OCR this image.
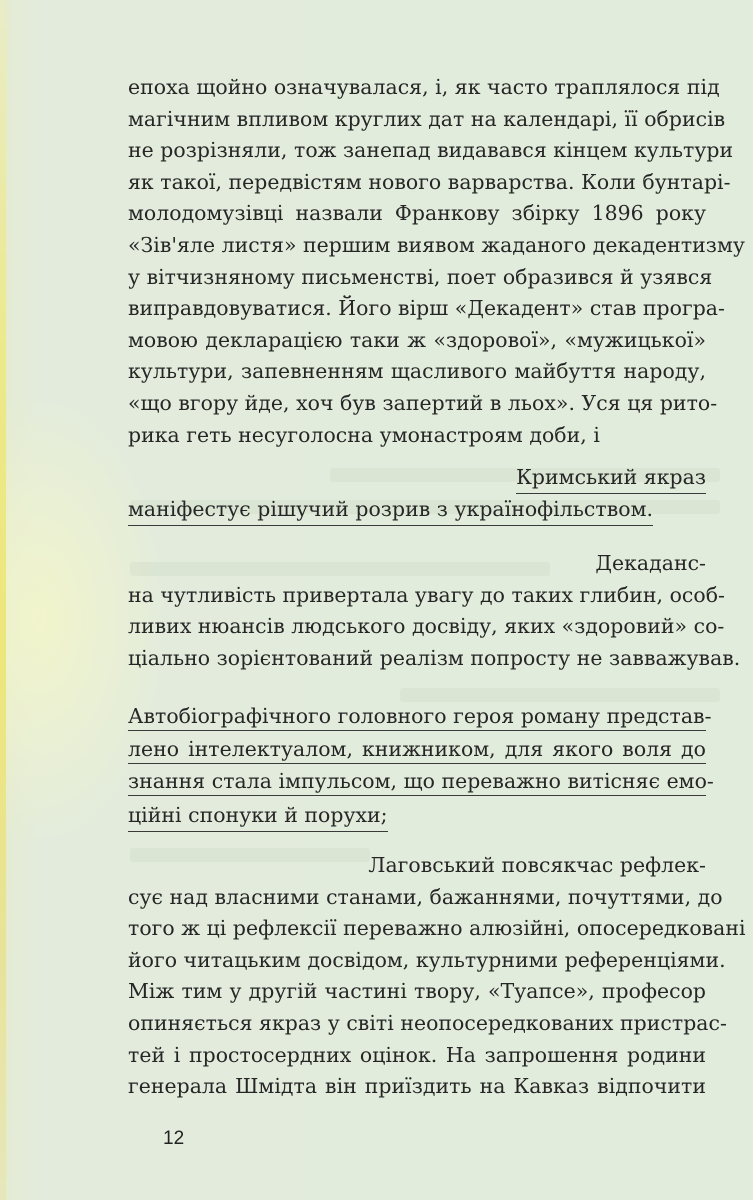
епоха щойно означувалася, і, як часто траплялося під
магічним впливом круглих дат на календарі, її обрисів
не розрізняли, тож занепад видавався кінцем культури
як такої, передвістям нового варварства. Коли бунтарі-
молодомузівці назвали Франкову збірку 1896 року
«Зів'яле листя» першим виявом жаданого декадентизму
у вітчизняному письменстві, поет образився й узявся
виправдовуватися. Його вірш «Декадент» став програ-
мовою декларацією таки ж «здорової», «мужицької»
культури, запевненням щасливого майбуття народу,
«що вгору йде, хоч був запертий в льох». Уся ця рито-
рика геть несуголосна умонастроям доби, і
Кримський якраз
маніфестує рішучий розрив з українофільством.
Декаданс-
на чутливість привертала увагу до таких глибин, особ-
ливих нюансів людського досвіду, яких «здоровий» со-
ціально зорієнтований реалізм попросту не завважував.
Автобіографічного головного героя роману представ-
лено інтелектуалом, книжником, для якого воля до
знання стала імпульсом, що переважно витісняє емо-
ційні спонуки й порухи;
Лаговський повсякчас рефлек-
сує над власними станами, бажаннями, почуттями, до
того ж ці рефлексії переважно алюзійні, опосередковані
його читацьким досвідом, культурними референціями.
Між тим у другій частині твору, «Туапсе», професор
опиняється якраз у світі неопосередкованих пристрас-
тей і простосердних оцінок. На запрошення родини
генерала Шмідта він приїздить на Кавказ відпочити
12
